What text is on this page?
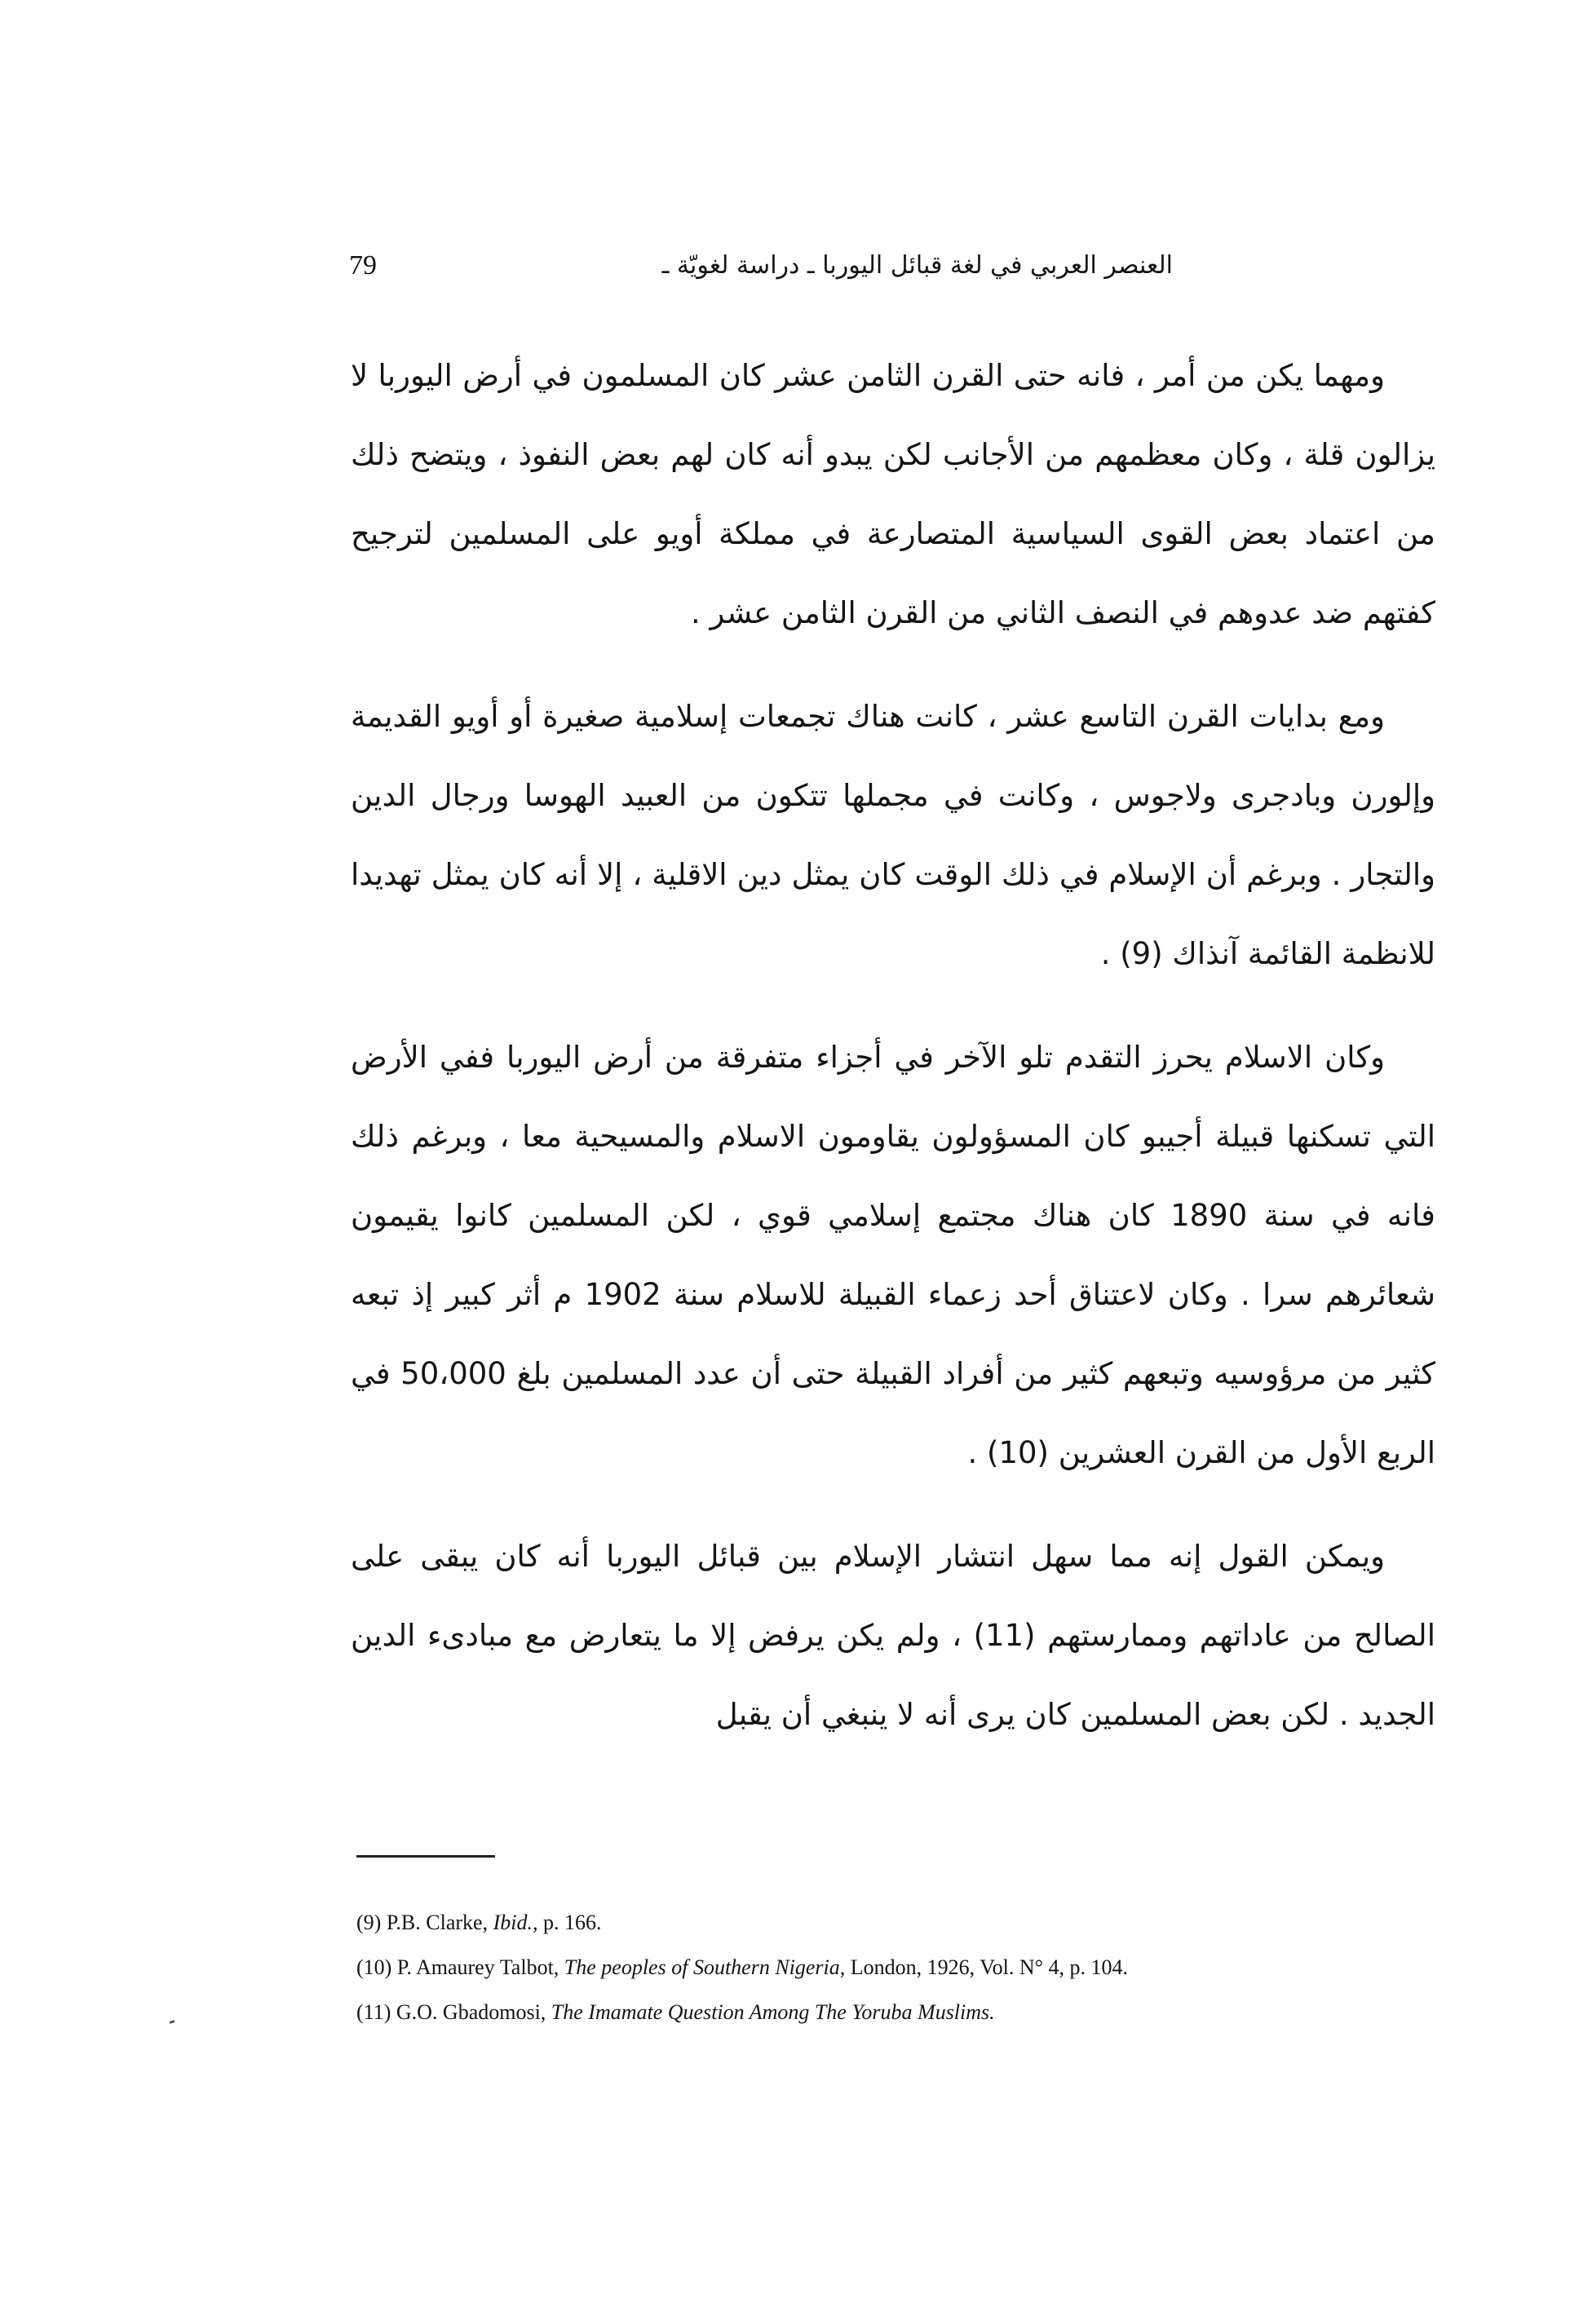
79	العنصر العربي في لغة قبائل اليوربا ـ دراسة لغويّة ـ

ومهما يكن من أمر ، فانه حتى القرن الثامن عشر كان المسلمون في أرض اليوربا لا يزالون قلة ، وكان معظمهم من الأجانب لكن يبدو أنه كان لهم بعض النفوذ ، ويتضح ذلك من اعتماد بعض القوى السياسية المتصارعة في مملكة أويو على المسلمين لترجيح كفتهم ضد عدوهم في النصف الثاني من القرن الثامن عشر .

ومع بدايات القرن التاسع عشر ، كانت هناك تجمعات إسلامية صغيرة أو أويو القديمة وإلورن وبادجرى ولاجوس ، وكانت في مجملها تتكون من العبيد الهوسا ورجال الدين والتجار . وبرغم أن الإسلام في ذلك الوقت كان يمثل دين الاقلية ، إلا أنه كان يمثل تهديدا للانظمة القائمة آنذاك (9) .

وكان الاسلام يحرز التقدم تلو الآخر في أجزاء متفرقة من أرض اليوربا ففي الأرض التي تسكنها قبيلة أجيبو كان المسؤولون يقاومون الاسلام والمسيحية معا ، وبرغم ذلك فانه في سنة 1890 كان هناك مجتمع إسلامي قوي ، لكن المسلمين كانوا يقيمون شعائرهم سرا . وكان لاعتناق أحد زعماء القبيلة للاسلام سنة 1902 م أثر كبير إذ تبعه كثير من مرؤوسيه وتبعهم كثير من أفراد القبيلة حتى أن عدد المسلمين بلغ 50،000 في الربع الأول من القرن العشرين (10) .

ويمكن القول إنه مما سهل انتشار الإسلام بين قبائل اليوربا أنه كان يبقى على الصالح من عاداتهم وممارستهم (11) ، ولم يكن يرفض إلا ما يتعارض مع مبادىء الدين الجديد . لكن بعض المسلمين كان يرى أنه لا ينبغي أن يقبل

(9) P.B. Clarke, Ibid., p. 166.

(10) P. Amaurey Talbot, The peoples of Southern Nigeria, London, 1926, Vol. N° 4, p. 104.

(11) G.O. Gbadomosi, The Imamate Question Among The Yoruba Muslims.
